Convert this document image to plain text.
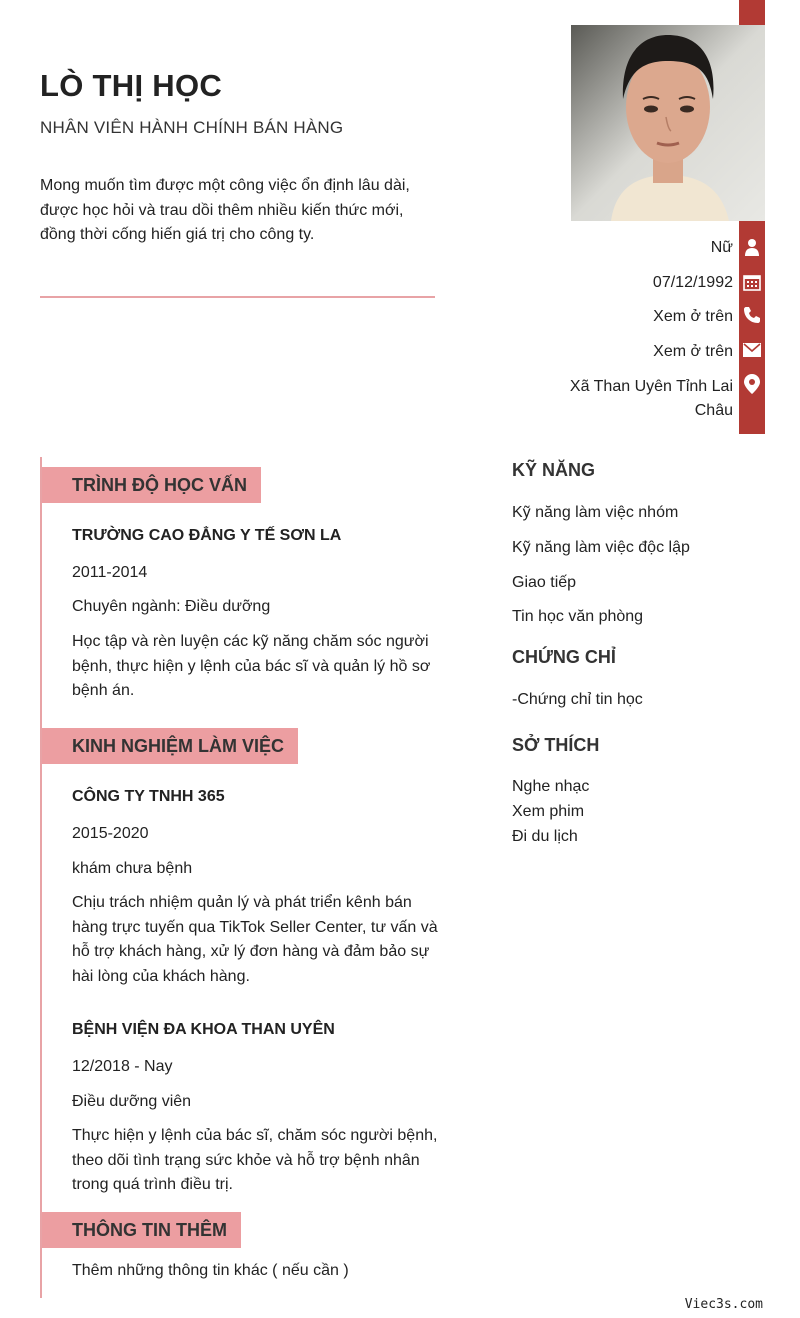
LÒ THỊ HỌC
NHÂN VIÊN HÀNH CHÍNH BÁN HÀNG
Mong muốn tìm được một công việc ổn định lâu dài, được học hỏi và trau dồi thêm nhiều kiến thức mới, đồng thời cống hiến giá trị cho công ty.
Nữ
07/12/1992
Xem ở trên
Xem ở trên
Xã Than Uyên Tỉnh Lai
Châu
TRÌNH ĐỘ HỌC VẤN
TRƯỜNG CAO ĐẲNG Y TẾ SƠN LA
2011-2014
Chuyên ngành: Điều dưỡng
Học tập và rèn luyện các kỹ năng chăm sóc người bệnh, thực hiện y lệnh của bác sĩ và quản lý hồ sơ bệnh án.
KINH NGHIỆM LÀM VIỆC
CÔNG TY TNHH 365
2015-2020
khám chưa bệnh
Chịu trách nhiệm quản lý và phát triển kênh bán hàng trực tuyến qua TikTok Seller Center, tư vấn và hỗ trợ khách hàng, xử lý đơn hàng và đảm bảo sự hài lòng của khách hàng.
BỆNH VIỆN ĐA KHOA THAN UYÊN
12/2018 - Nay
Điều dưỡng viên
Thực hiện y lệnh của bác sĩ, chăm sóc người bệnh, theo dõi tình trạng sức khỏe và hỗ trợ bệnh nhân trong quá trình điều trị.
THÔNG TIN THÊM
Thêm những thông tin khác ( nếu cần )
KỸ NĂNG
Kỹ năng làm việc nhóm
Kỹ năng làm việc độc lập
Giao tiếp
Tin học văn phòng
CHỨNG CHỈ
-Chứng chỉ tin học
SỞ THÍCH
Nghe nhạc
Xem phim
Đi du lịch
Viec3s.com
